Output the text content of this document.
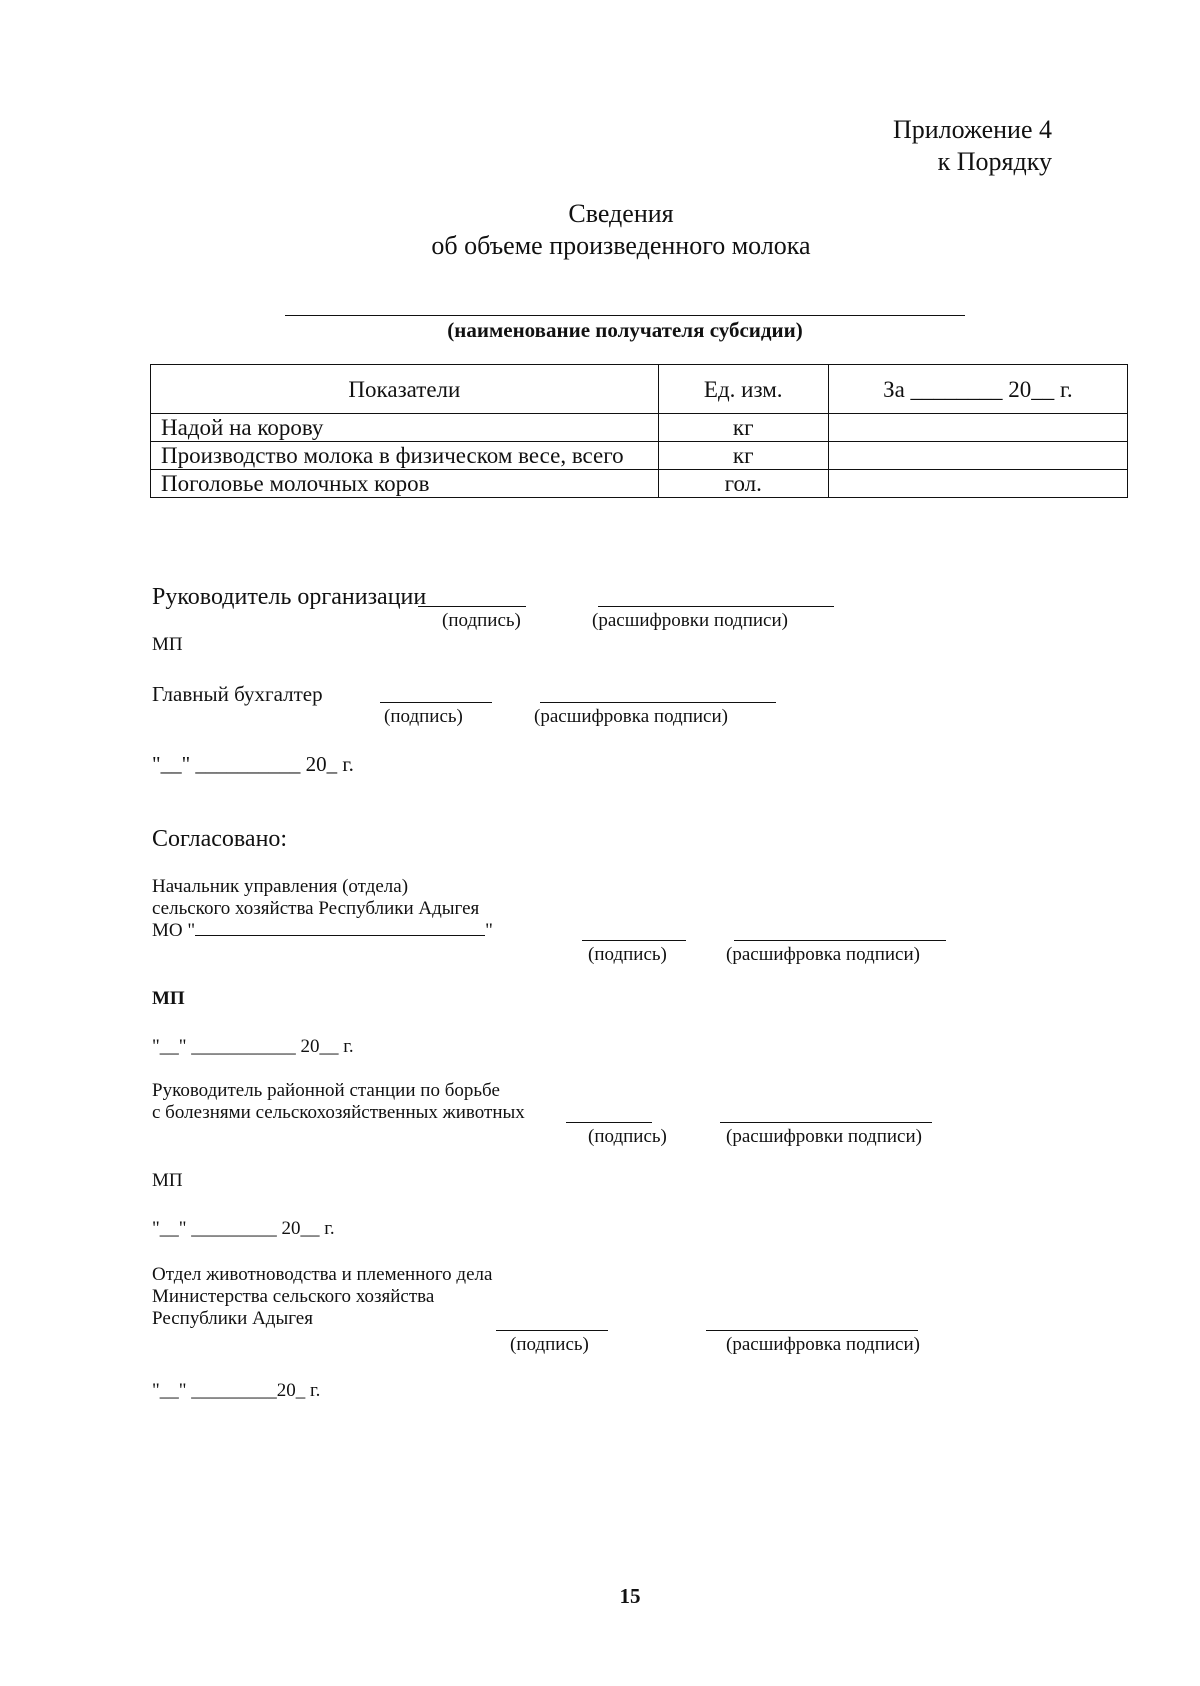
Приложение 4
к Порядку
Сведения
об объеме произведенного молока
(наименование получателя субсидии)
Показатели	Ед. изм.	За ________ 20__ г.
Надой на корову	кг	
Производство молока в физическом весе, всего	кг	
Поголовье молочных коров	гол.	
Руководитель организации
(подпись)	(расшифровки подписи)
МП
Главный бухгалтер
(подпись)	(расшифровка подписи)
"__" __________ 20_ г.
Согласовано:
Начальник управления (отдела)
сельского хозяйства Республики Адыгея
МО "	"
(подпись)	(расшифровка подписи)
МП
"__" ___________ 20__ г.
Руководитель районной станции по борьбе
с болезнями сельскохозяйственных животных
(подпись)	(расшифровки подписи)
МП
"__" _________ 20__ г.
Отдел животноводства и племенного дела
Министерства сельского хозяйства
Республики Адыгея
(подпись)	(расшифровка подписи)
"__" _________20_ г.
15
